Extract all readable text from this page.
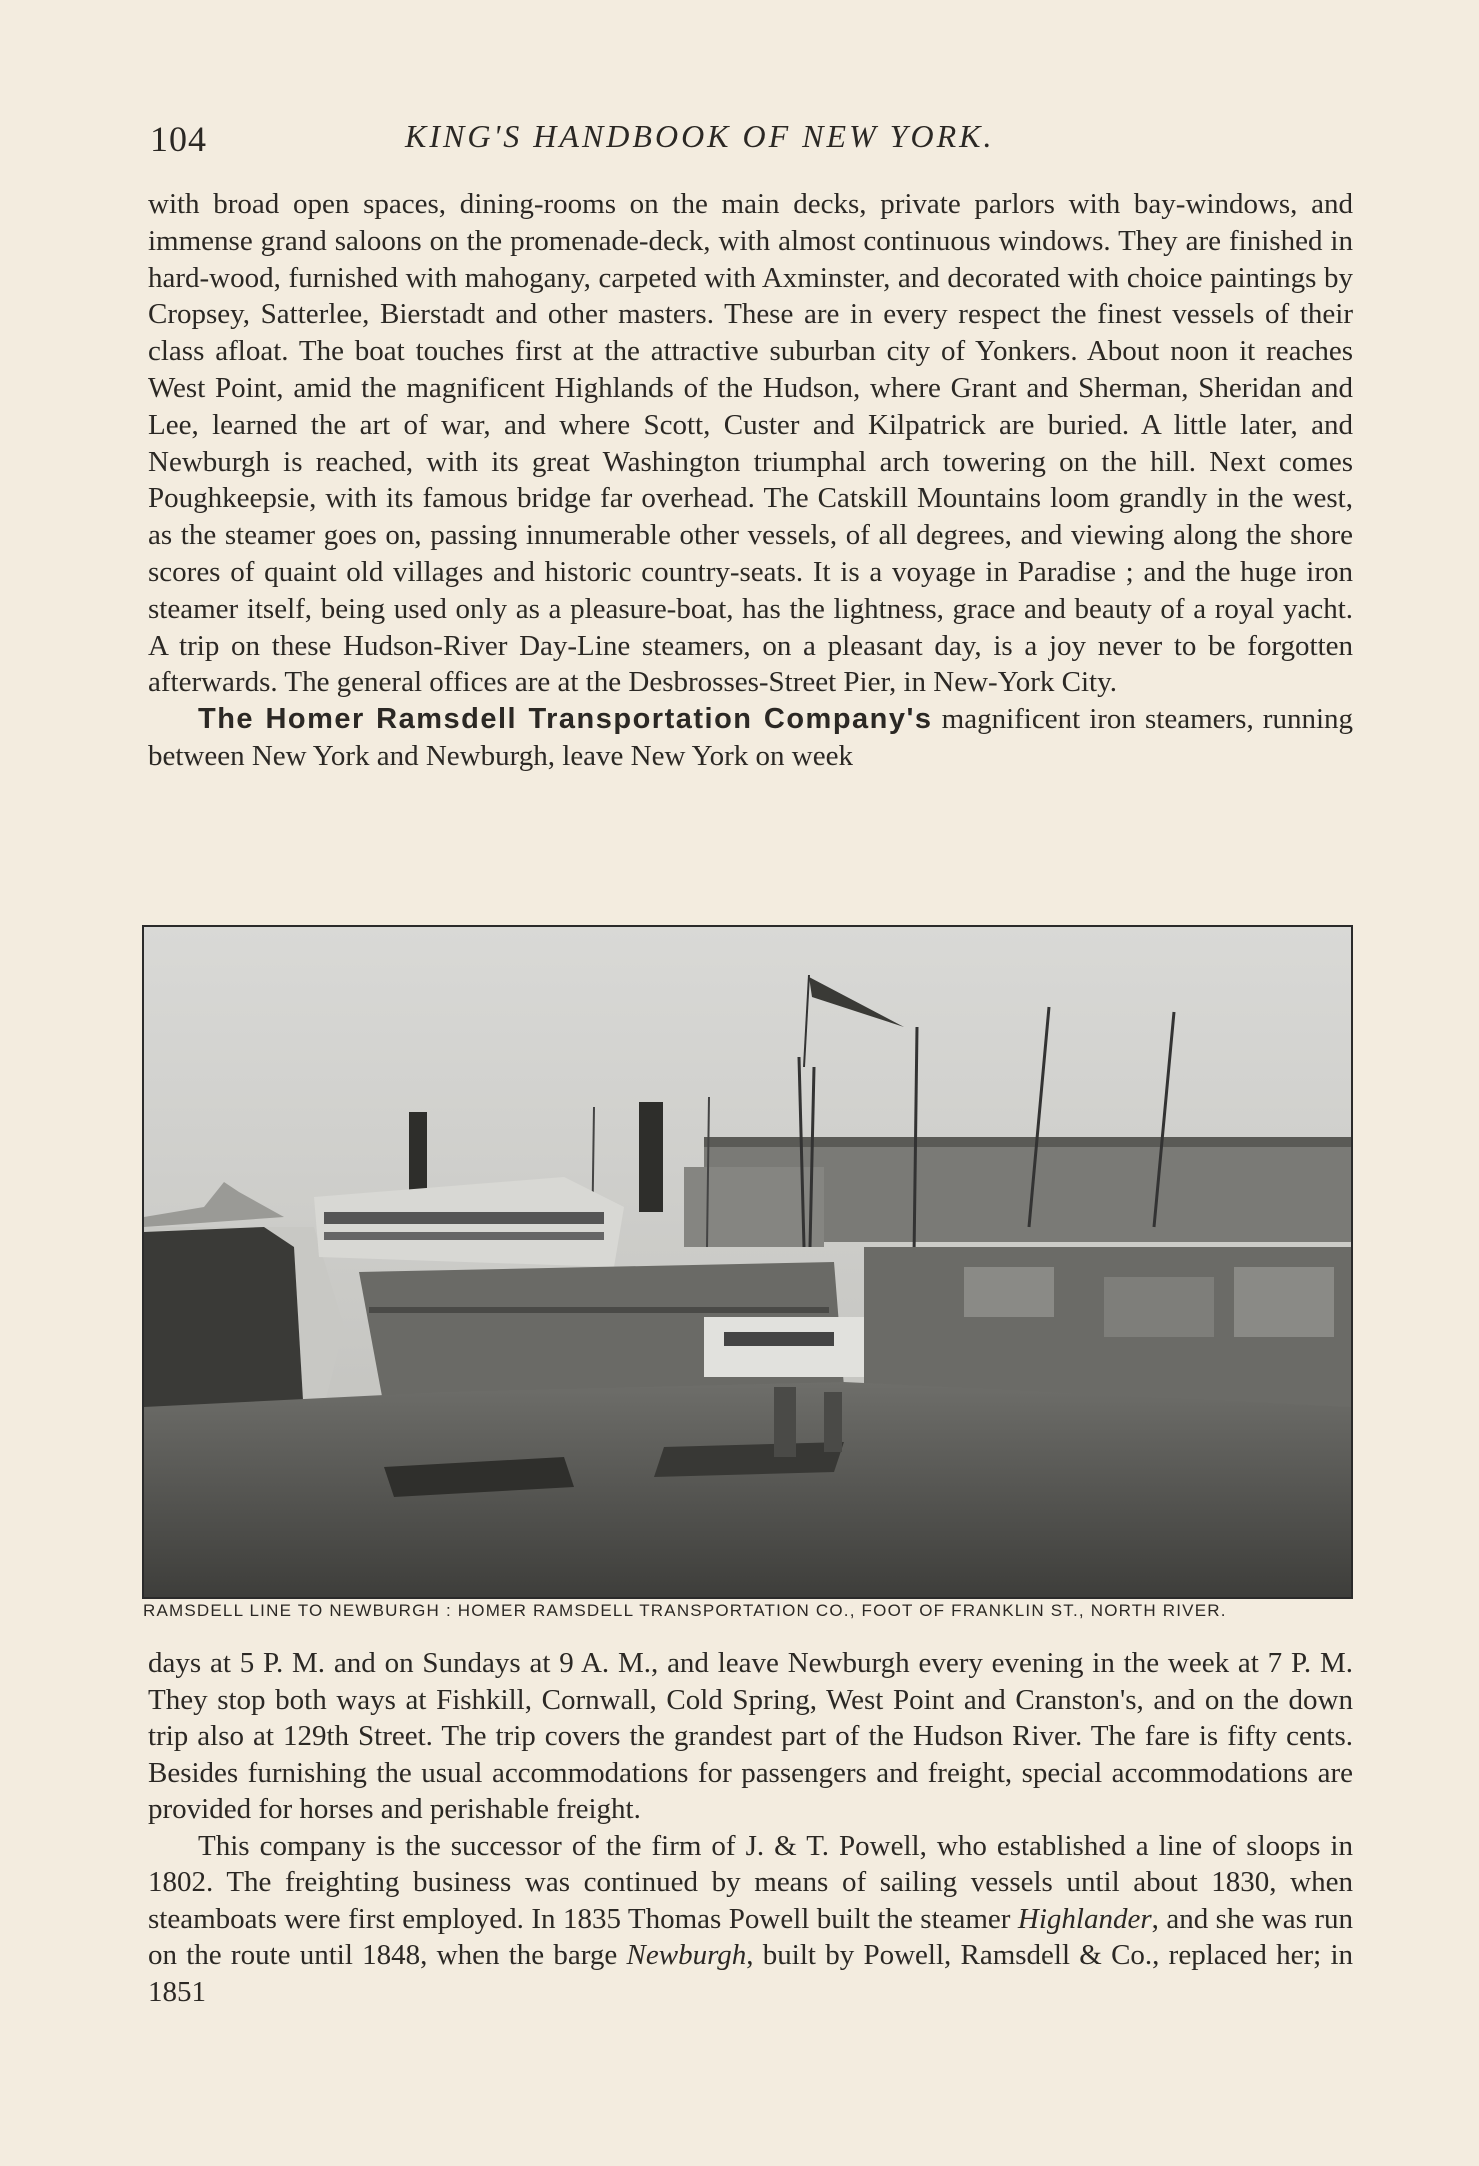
104	KING'S HANDBOOK OF NEW YORK.

with broad open spaces, dining-rooms on the main decks, private parlors with bay-windows, and immense grand saloons on the promenade-deck, with almost continuous windows. They are finished in hard-wood, furnished with mahogany, carpeted with Axminster, and decorated with choice paintings by Cropsey, Satterlee, Bierstadt and other masters. These are in every respect the finest vessels of their class afloat. The boat touches first at the attractive suburban city of Yonkers. About noon it reaches West Point, amid the magnificent Highlands of the Hudson, where Grant and Sherman, Sheridan and Lee, learned the art of war, and where Scott, Custer and Kilpatrick are buried. A little later, and Newburgh is reached, with its great Washington triumphal arch towering on the hill. Next comes Poughkeepsie, with its famous bridge far overhead. The Catskill Mountains loom grandly in the west, as the steamer goes on, passing innumerable other vessels, of all degrees, and viewing along the shore scores of quaint old villages and historic country-seats. It is a voyage in Paradise ; and the huge iron steamer itself, being used only as a pleasure-boat, has the lightness, grace and beauty of a royal yacht. A trip on these Hudson-River Day-Line steamers, on a pleasant day, is a joy never to be forgotten afterwards. The general offices are at the Desbrosses-Street Pier, in New-York City.

The Homer Ramsdell Transportation Company's magnificent iron steamers, running between New York and Newburgh, leave New York on week

RAMSDELL LINE TO NEWBURGH : HOMER RAMSDELL TRANSPORTATION CO., FOOT OF FRANKLIN ST., NORTH RIVER.

days at 5 P. M. and on Sundays at 9 A. M., and leave Newburgh every evening in the week at 7 P. M. They stop both ways at Fishkill, Cornwall, Cold Spring, West Point and Cranston's, and on the down trip also at 129th Street. The trip covers the grandest part of the Hudson River. The fare is fifty cents. Besides furnishing the usual accommodations for passengers and freight, special accommodations are provided for horses and perishable freight.

This company is the successor of the firm of J. & T. Powell, who established a line of sloops in 1802. The freighting business was continued by means of sailing vessels until about 1830, when steamboats were first employed. In 1835 Thomas Powell built the steamer Highlander, and she was run on the route until 1848, when the barge Newburgh, built by Powell, Ramsdell & Co., replaced her; in 1851
